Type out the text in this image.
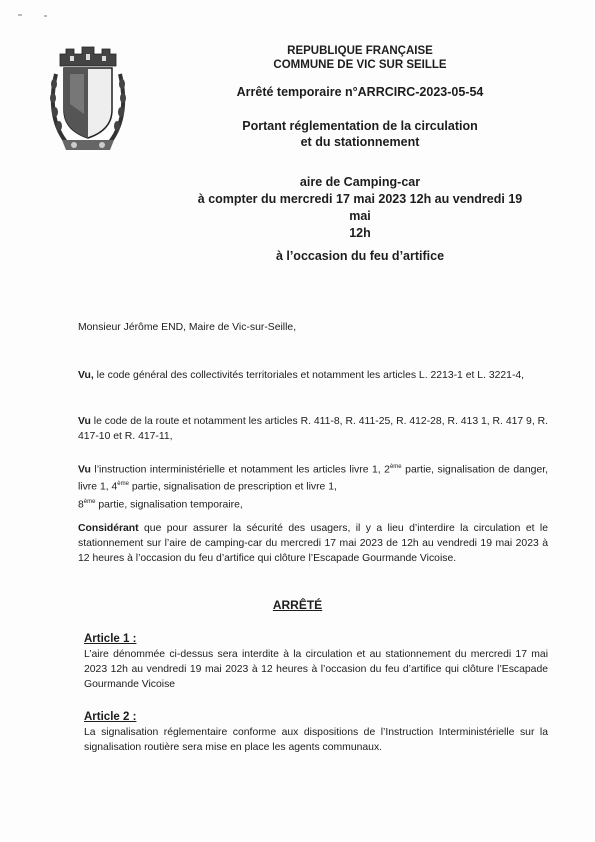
REPUBLIQUE FRANÇAISE

COMMUNE DE VIC SUR SEILLE

Arrêté temporaire n°ARRCIRC-2023-05-54

Portant réglementation de la circulation
et du stationnement

aire de Camping-car
à compter du mercredi 17 mai 2023 12h au vendredi 19 mai
12h

à l’occasion du feu d’artifice

Monsieur Jérôme END, Maire de Vic-sur-Seille,
Vu, le code général des collectivités territoriales et notamment les articles L. 2213-1 et L. 3221-4,
Vu le code de la route et notamment les articles R. 411-8, R. 411-25, R. 412-28, R. 413 1, R. 417 9, R. 417-10 et R. 417-11,
Vu l’instruction interministérielle et notamment les articles livre 1, 2ème partie, signalisation de danger, livre 1, 4ème partie, signalisation de prescription et livre 1,
8ème partie, signalisation temporaire,
Considérant que pour assurer la sécurité des usagers, il y a lieu d’interdire la circulation et le stationnement sur l’aire de camping-car du mercredi 17 mai 2023 de 12h au vendredi 19 mai 2023 à 12 heures à l’occasion du feu d’artifice qui clôture l’Escapade Gourmande Vicoise.
ARRÊTÉ
Article 1 :
L’aire dénommée ci-dessus sera interdite à la circulation et au stationnement du mercredi 17 mai 2023 12h au vendredi 19 mai 2023 à 12 heures à l’occasion du feu d’artifice qui clôture l’Escapade Gourmande Vicoise
Article 2 :
La signalisation réglementaire conforme aux dispositions de l’Instruction Interministérielle sur la signalisation routière sera mise en place les agents communaux.
